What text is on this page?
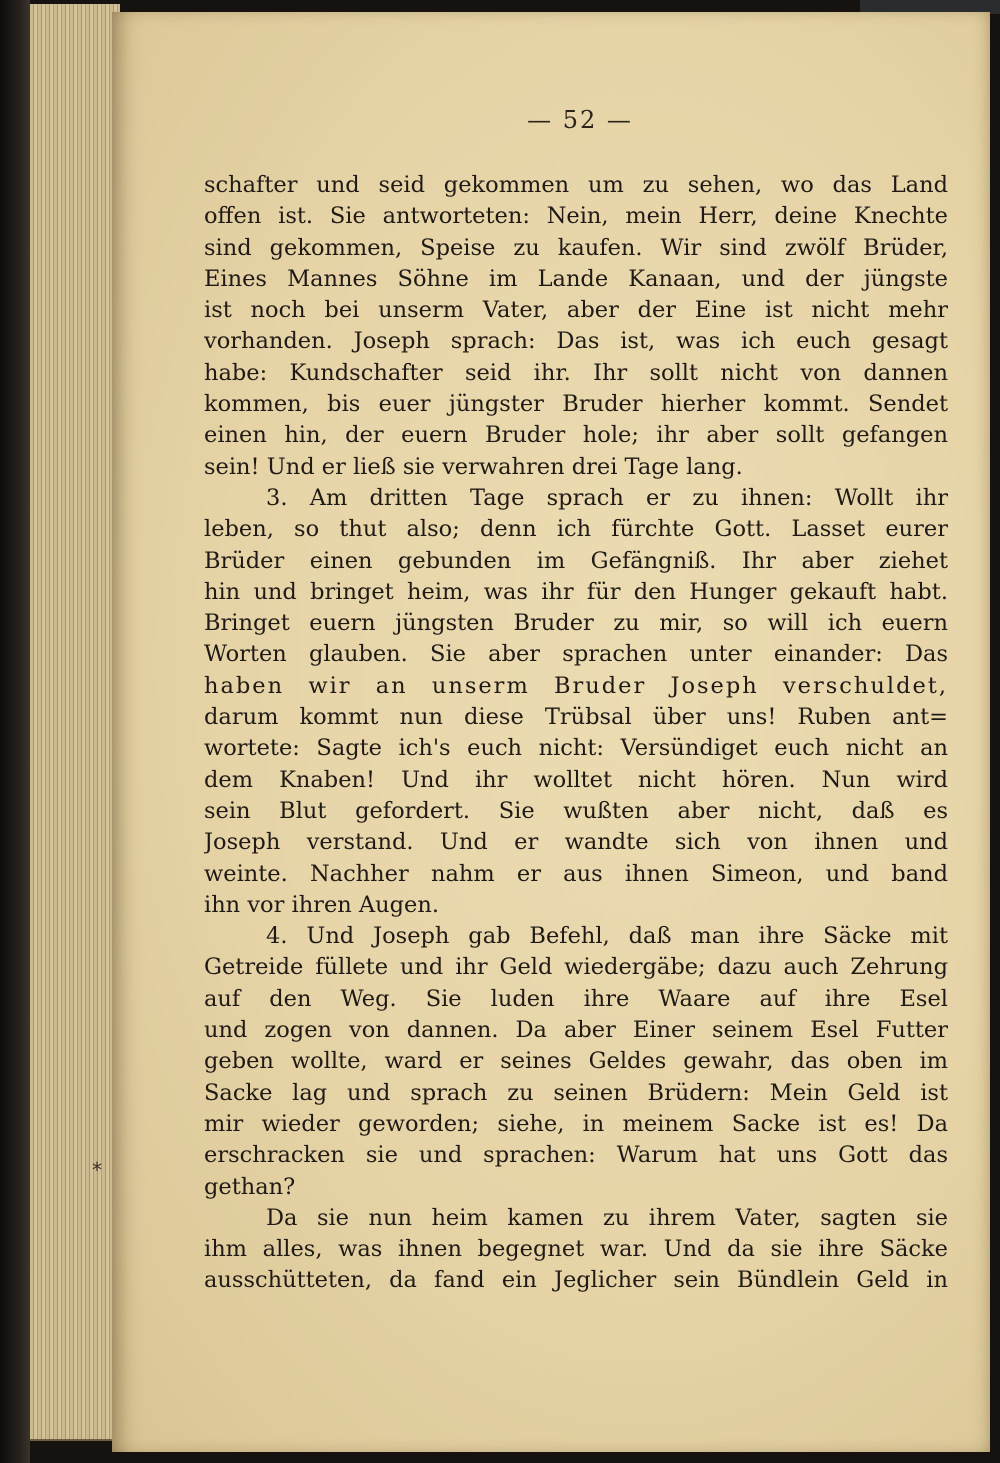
— 52 —
schafter und seid gekommen um zu sehen, wo das Land
offen ist. Sie antworteten: Nein, mein Herr, deine Knechte
sind gekommen, Speise zu kaufen. Wir sind zwölf Brüder,
Eines Mannes Söhne im Lande Kanaan, und der jüngste
ist noch bei unserm Vater, aber der Eine ist nicht mehr
vorhanden. Joseph sprach: Das ist, was ich euch gesagt
habe: Kundschafter seid ihr. Ihr sollt nicht von dannen
kommen, bis euer jüngster Bruder hierher kommt. Sendet
einen hin, der euern Bruder hole; ihr aber sollt gefangen
sein! Und er ließ sie verwahren drei Tage lang.
3. Am dritten Tage sprach er zu ihnen: Wollt ihr
leben, so thut also; denn ich fürchte Gott. Lasset eurer
Brüder einen gebunden im Gefängniß. Ihr aber ziehet
hin und bringet heim, was ihr für den Hunger gekauft habt.
Bringet euern jüngsten Bruder zu mir, so will ich euern
Worten glauben. Sie aber sprachen unter einander: Das
haben wir an unserm Bruder Joseph verschuldet,
darum kommt nun diese Trübsal über uns! Ruben ant=
wortete: Sagte ich's euch nicht: Versündiget euch nicht an
dem Knaben! Und ihr wolltet nicht hören. Nun wird
sein Blut gefordert. Sie wußten aber nicht, daß es
Joseph verstand. Und er wandte sich von ihnen und
weinte. Nachher nahm er aus ihnen Simeon, und band
ihn vor ihren Augen.
4. Und Joseph gab Befehl, daß man ihre Säcke mit
Getreide füllete und ihr Geld wiedergäbe; dazu auch Zehrung
auf den Weg. Sie luden ihre Waare auf ihre Esel
und zogen von dannen. Da aber Einer seinem Esel Futter
geben wollte, ward er seines Geldes gewahr, das oben im
Sacke lag und sprach zu seinen Brüdern: Mein Geld ist
mir wieder geworden; siehe, in meinem Sacke ist es! Da
erschracken sie und sprachen: Warum hat uns Gott das
gethan?
Da sie nun heim kamen zu ihrem Vater, sagten sie
ihm alles, was ihnen begegnet war. Und da sie ihre Säcke
ausschütteten, da fand ein Jeglicher sein Bündlein Geld in
*
